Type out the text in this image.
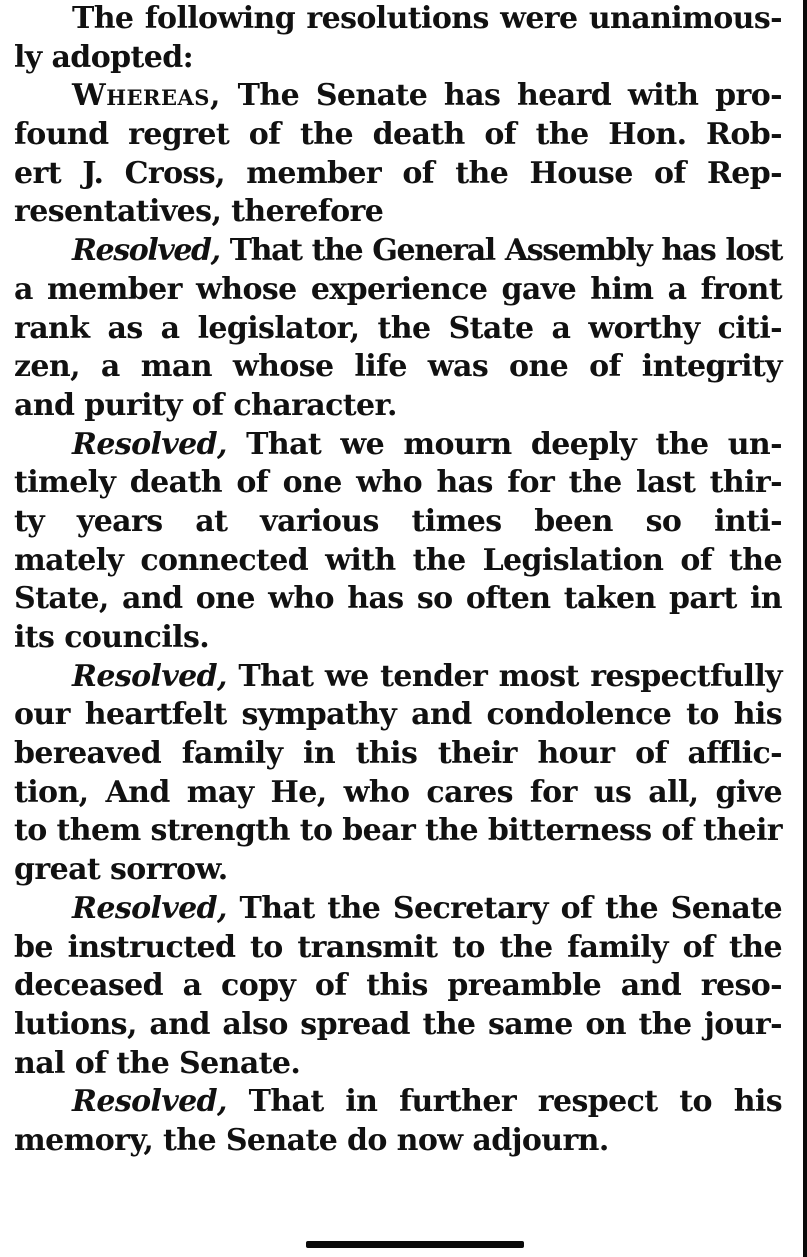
The following resolutions were unanimous-
ly adopted:
Whereas, The Senate has heard with pro-
found regret of the death of the Hon. Rob-
ert J. Cross, member of the House of Rep-
resentatives, therefore
Resolved, That the General Assembly has lost
a member whose experience gave him a front
rank as a legislator, the State a worthy citi-
zen, a man whose life was one of integrity
and purity of character.
Resolved, That we mourn deeply the un-
timely death of one who has for the last thir-
ty years at various times been so inti-
mately connected with the Legislation of the
State, and one who has so often taken part in
its councils.
Resolved, That we tender most respectfully
our heartfelt sympathy and condolence to his
bereaved family in this their hour of afflic-
tion, And may He, who cares for us all, give
to them strength to bear the bitterness of their
great sorrow.
Resolved, That the Secretary of the Senate
be instructed to transmit to the family of the
deceased a copy of this preamble and reso-
lutions, and also spread the same on the jour-
nal of the Senate.
Resolved, That in further respect to his
memory, the Senate do now adjourn.
